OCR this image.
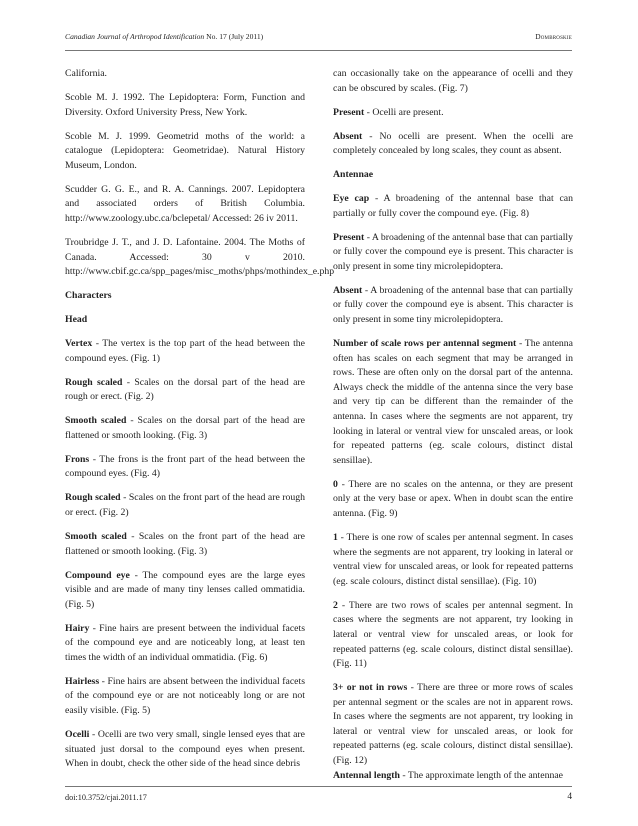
Canadian Journal of Arthropod Identification No. 17 (July 2011)	Dombroskie

California.

Scoble M. J. 1992. The Lepidoptera: Form, Function and Diversity. Oxford University Press, New York.

Scoble M. J. 1999. Geometrid moths of the world: a catalogue (Lepidoptera: Geometridae). Natural History Museum, London.

Scudder G. G. E., and R. A. Cannings. 2007. Lepidoptera and associated orders of British Columbia. http://www.zoology.ubc.ca/bclepetal/ Accessed: 26 iv 2011.

Troubridge J. T., and J. D. Lafontaine. 2004. The Moths of Canada. Accessed: 30 v 2010. http://www.cbif.gc.ca/spp_pages/misc_moths/phps/mothindex_e.php

Characters

Head

Vertex - The vertex is the top part of the head between the compound eyes. (Fig. 1)

Rough scaled - Scales on the dorsal part of the head are rough or erect. (Fig. 2)

Smooth scaled - Scales on the dorsal part of the head are flattened or smooth looking. (Fig. 3)

Frons - The frons is the front part of the head between the compound eyes. (Fig. 4)

Rough scaled - Scales on the front part of the head are rough or erect. (Fig. 2)

Smooth scaled - Scales on the front part of the head are flattened or smooth looking. (Fig. 3)

Compound eye - The compound eyes are the large eyes visible and are made of many tiny lenses called ommatidia. (Fig. 5)

Hairy - Fine hairs are present between the individual facets of the compound eye and are noticeably long, at least ten times the width of an individual ommatidia. (Fig. 6)

Hairless - Fine hairs are absent between the individual facets of the compound eye or are not noticeably long or are not easily visible. (Fig. 5)

Ocelli - Ocelli are two very small, single lensed eyes that are situated just dorsal to the compound eyes when present. When in doubt, check the other side of the head since debris

can occasionally take on the appearance of ocelli and they can be obscured by scales. (Fig. 7)

Present - Ocelli are present.

Absent - No ocelli are present. When the ocelli are completely concealed by long scales, they count as absent.

Antennae

Eye cap - A broadening of the antennal base that can partially or fully cover the compound eye. (Fig. 8)

Present - A broadening of the antennal base that can partially or fully cover the compound eye is present. This character is only present in some tiny microlepidoptera.

Absent - A broadening of the antennal base that can partially or fully cover the compound eye is absent. This character is only present in some tiny microlepidoptera.

Number of scale rows per antennal segment - The antenna often has scales on each segment that may be arranged in rows. These are often only on the dorsal part of the antenna. Always check the middle of the antenna since the very base and very tip can be different than the remainder of the antenna. In cases where the segments are not apparent, try looking in lateral or ventral view for unscaled areas, or look for repeated patterns (eg. scale colours, distinct distal sensillae).

0 - There are no scales on the antenna, or they are present only at the very base or apex. When in doubt scan the entire antenna. (Fig. 9)

1 - There is one row of scales per antennal segment. In cases where the segments are not apparent, try looking in lateral or ventral view for unscaled areas, or look for repeated patterns (eg. scale colours, distinct distal sensillae). (Fig. 10)

2 - There are two rows of scales per antennal segment. In cases where the segments are not apparent, try looking in lateral or ventral view for unscaled areas, or look for repeated patterns (eg. scale colours, distinct distal sensillae). (Fig. 11)

3+ or not in rows - There are three or more rows of scales per antennal segment or the scales are not in apparent rows. In cases where the segments are not apparent, try looking in lateral or ventral view for unscaled areas, or look for repeated patterns (eg. scale colours, distinct distal sensillae). (Fig. 12)

Antennal length - The approximate length of the antennae

doi:10.3752/cjai.2011.17	4
